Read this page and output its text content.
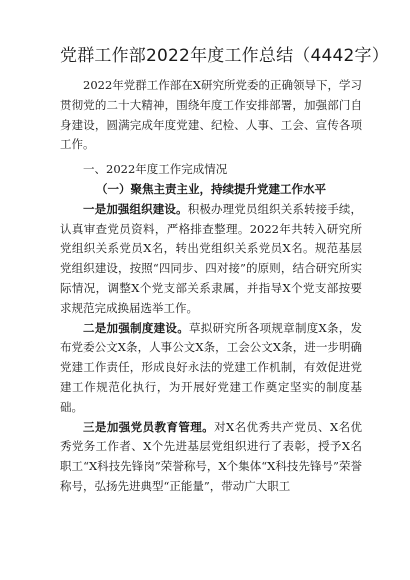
党群工作部2022年度工作总结（4442字）

2022年党群工作部在X研究所党委的正确领导下，学习贯彻党的二十大精神，围绕年度工作安排部署，加强部门自身建设，圆满完成年度党建、纪检、人事、工会、宣传各项工作。

一、2022年度工作完成情况

（一）聚焦主责主业，持续提升党建工作水平

一是加强组织建设。积极办理党员组织关系转接手续，认真审查党员资料，严格排查整理。2022年共转入研究所党组织关系党员X名，转出党组织关系党员X名。规范基层党组织建设，按照“四同步、四对接”的原则，结合研究所实际情况，调整X个党支部关系隶属，并指导X个党支部按要求规范完成换届选举工作。

二是加强制度建设。草拟研究所各项规章制度X条，发布党委公文X条，人事公文X条，工会公文X条，进一步明确党建工作责任，形成良好永法的党建工作机制，有效促进党建工作规范化执行，为开展好党建工作奠定坚实的制度基础。

三是加强党员教育管理。对X名优秀共产党员、X名优秀党务工作者、X个先进基层党组织进行了表彰，授予X名职工“X科技先锋岗”荣誉称号，X个集体“X科技先锋号”荣誉称号，弘扬先进典型“正能量”，带动广大职工
